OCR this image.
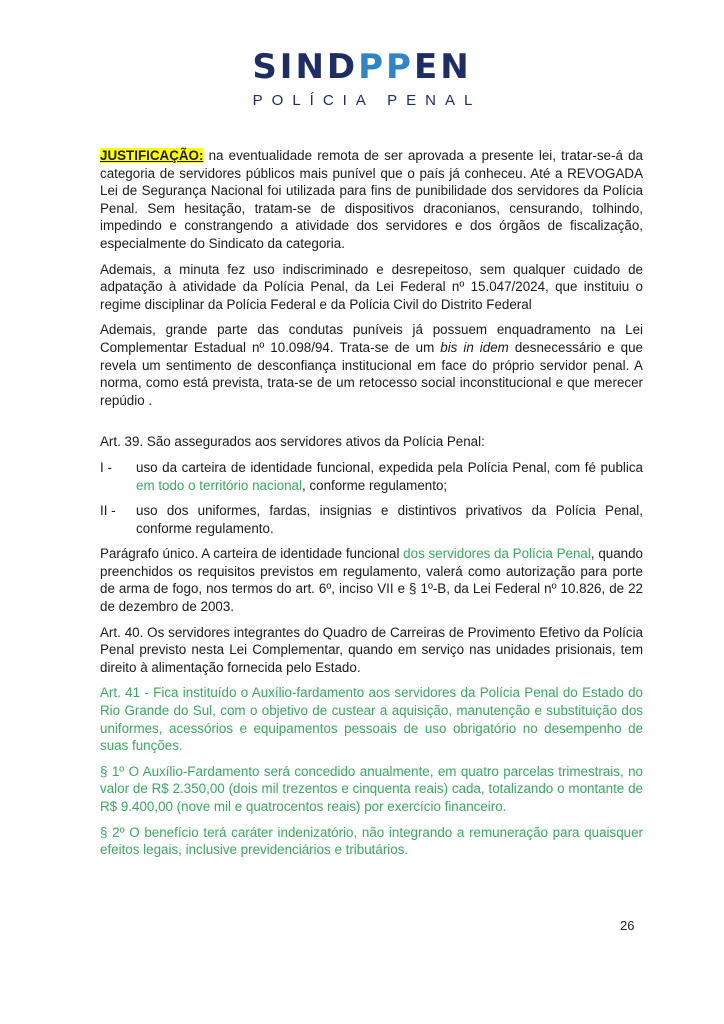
SINDPPEN
POLÍCIA PENAL

JUSTIFICAÇÃO: na eventualidade remota de ser aprovada a presente lei, tratar-se-á da categoria de servidores públicos mais punível que o país já conheceu. Até a REVOGADA Lei de Segurança Nacional foi utilizada para fins de punibilidade dos servidores da Polícia Penal. Sem hesitação, tratam-se de dispositivos draconianos, censurando, tolhindo, impedindo e constrangendo a atividade dos servidores e dos órgãos de fiscalização, especialmente do Sindicato da categoria.

Ademais, a minuta fez uso indiscriminado e desrepeitoso, sem qualquer cuidado de adpatação à atividade da Polícia Penal, da Lei Federal nº 15.047/2024, que instituiu o regime disciplinar da Polícia Federal e da Polícia Civil do Distrito Federal

Ademais, grande parte das condutas puníveis já possuem enquadramento na Lei Complementar Estadual nº 10.098/94. Trata-se de um bis in idem desnecessário e que revela um sentimento de desconfiança institucional em face do próprio servidor penal. A norma, como está prevista, trata-se de um retocesso social inconstitucional e que merecer repúdio .

Art. 39. São assegurados aos servidores ativos da Polícia Penal:

I -	uso da carteira de identidade funcional, expedida pela Polícia Penal, com fé publica em todo o território nacional, conforme regulamento;
II -	uso dos uniformes, fardas, insignias e distintivos privativos da Polícia Penal, conforme regulamento.

Parágrafo único. A carteira de identidade funcional dos servidores da Polícia Penal, quando preenchidos os requisitos previstos em regulamento, valerá como autorização para porte de arma de fogo, nos termos do art. 6º, inciso VII e § 1º-B, da Lei Federal nº 10.826, de 22 de dezembro de 2003.

Art. 40. Os servidores integrantes do Quadro de Carreiras de Provimento Efetivo da Polícia Penal previsto nesta Lei Complementar, quando em serviço nas unidades prisionais, tem direito à alimentação fornecida pelo Estado.

Art. 41 - Fica instituído o Auxílio-fardamento aos servidores da Polícia Penal do Estado do Rio Grande do Sul, com o objetivo de custear a aquisição, manutenção e substituição dos uniformes, acessórios e equipamentos pessoais de uso obrigatório no desempenho de suas funções.

§ 1º O Auxílio-Fardamento será concedido anualmente, em quatro parcelas trimestrais, no valor de R$ 2.350,00 (dois mil trezentos e cinquenta reais) cada, totalizando o montante de R$ 9.400,00 (nove mil e quatrocentos reais) por exercício financeiro.

§ 2º O benefício terá caráter indenizatório, não integrando a remuneração para quaisquer efeitos legais, inclusive previdenciários e tributários.

26
